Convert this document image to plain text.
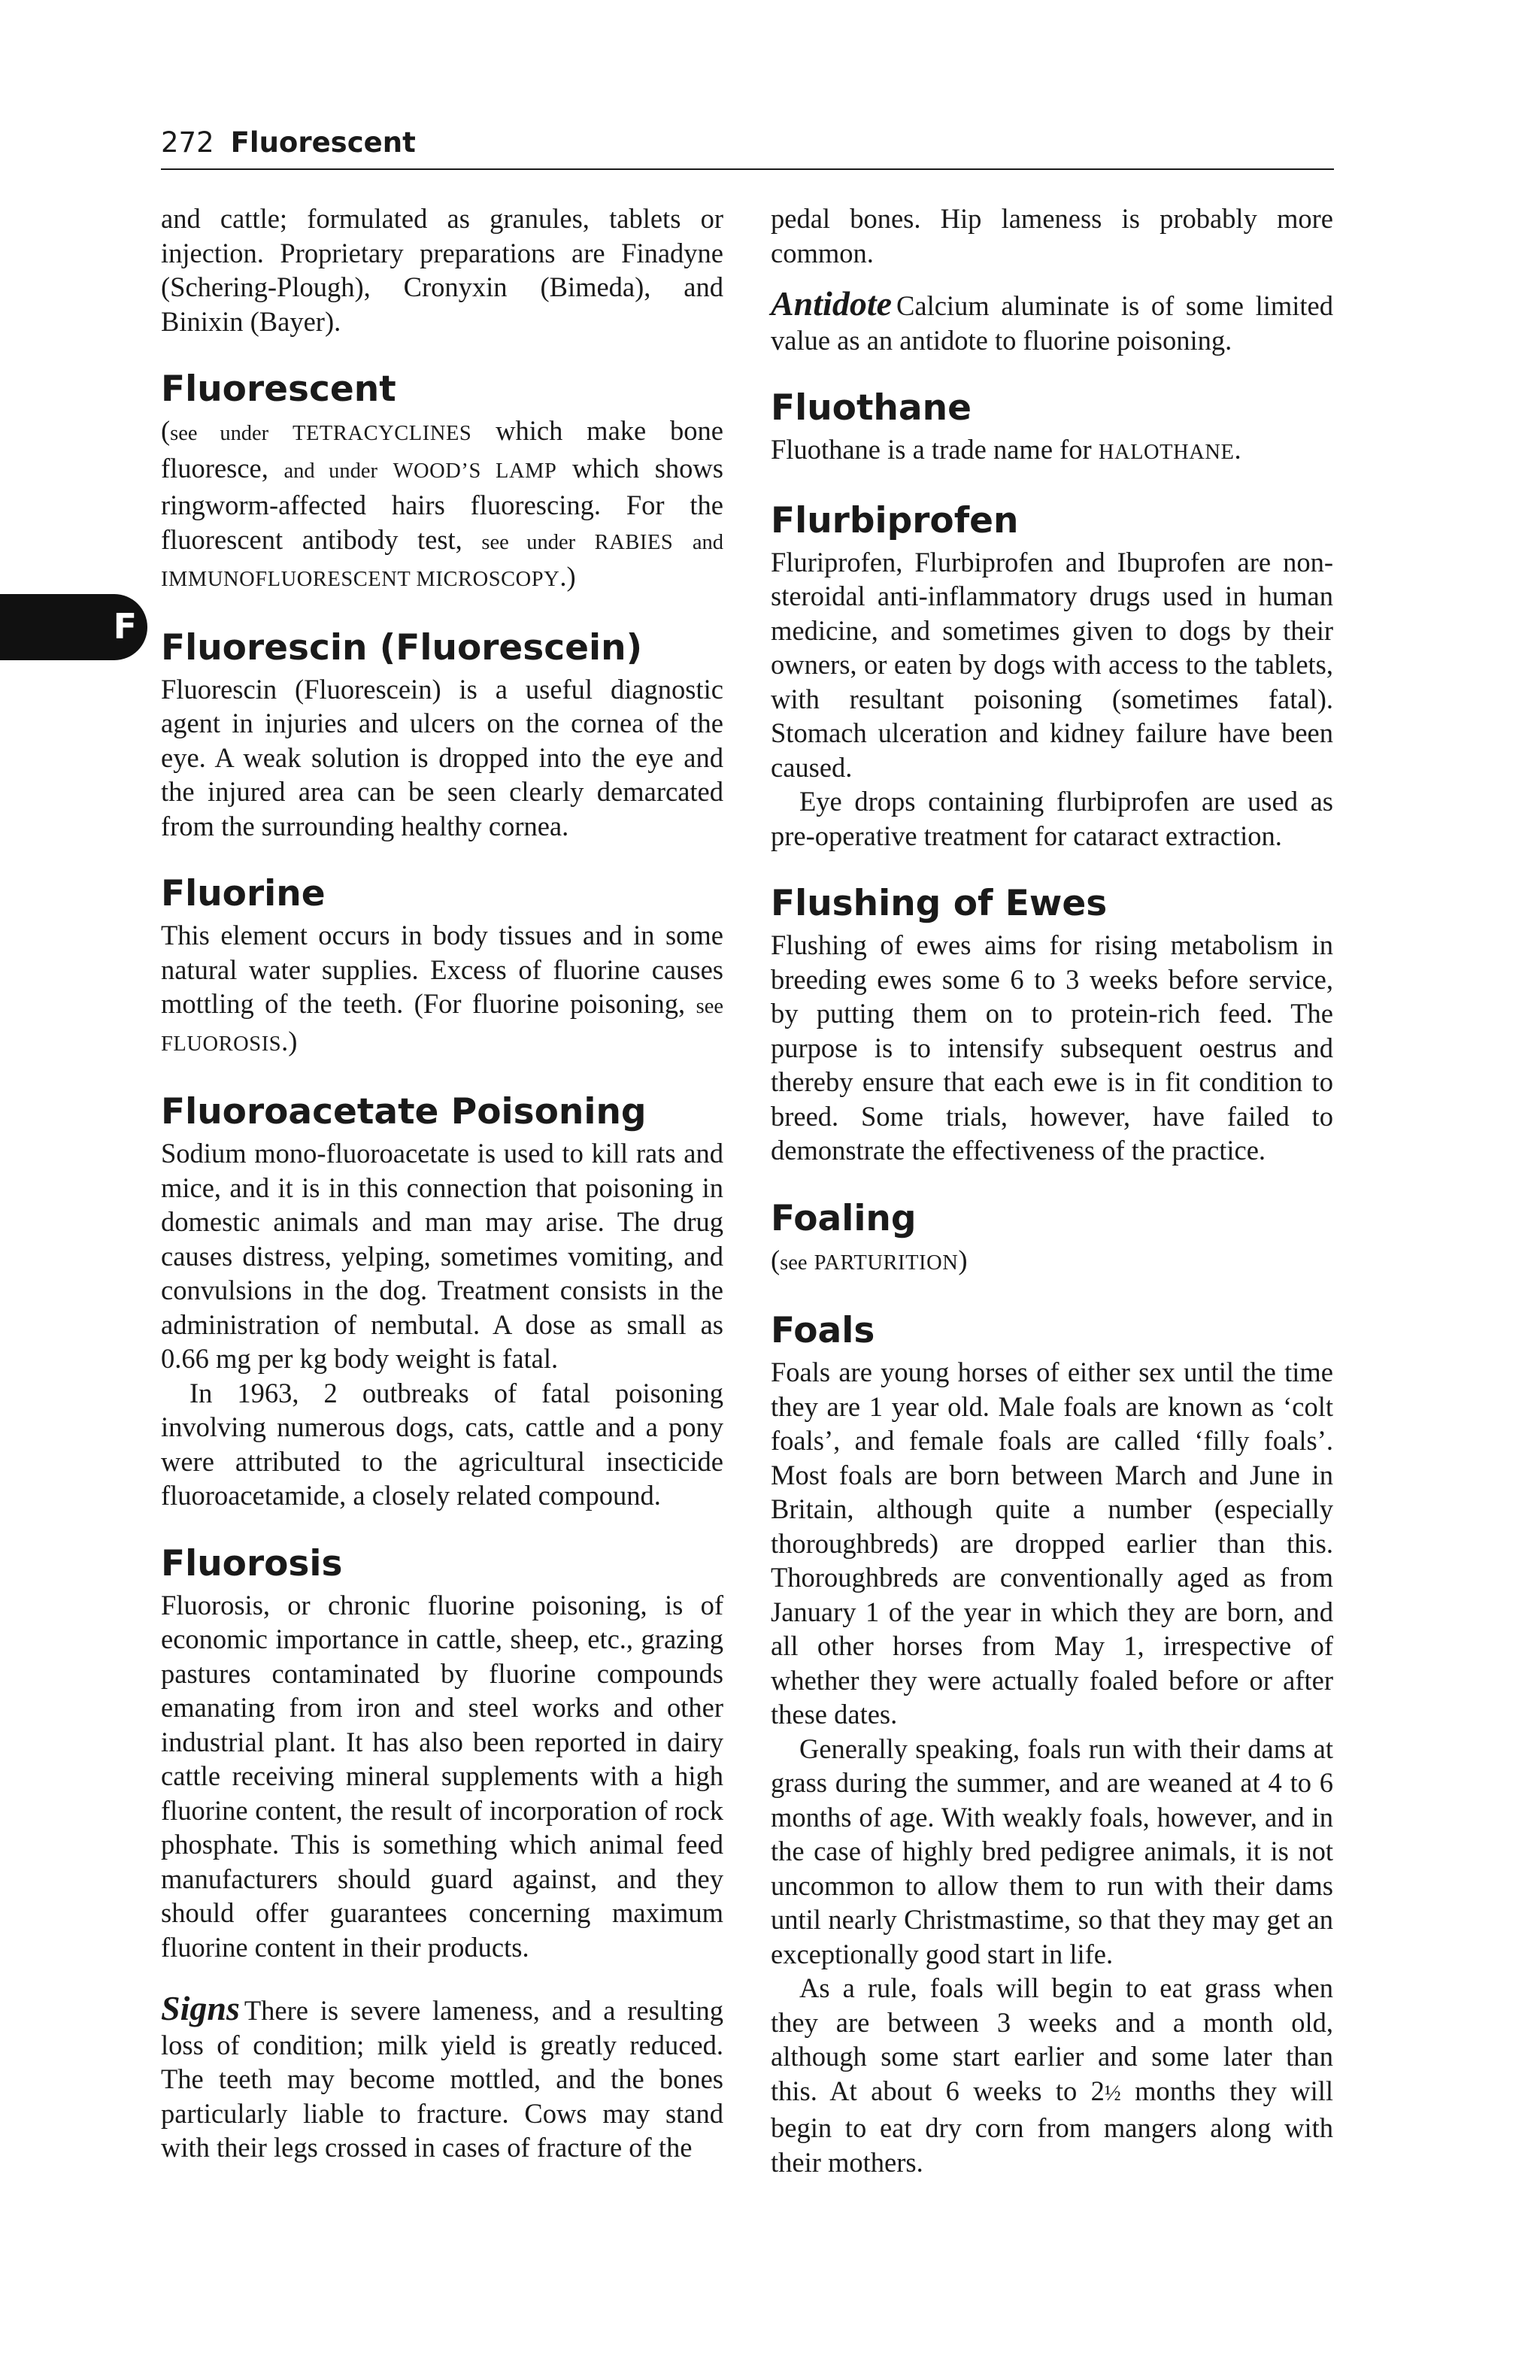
272 Fluorescent
F

and cattle; formulated as granules, tablets or injection. Proprietary preparations are Finadyne (Schering-Plough), Cronyxin (Bimeda), and Binixin (Bayer).

Fluorescent

(see under TETRACYCLINES which make bone fluoresce, and under WOOD’S LAMP which shows ringworm-affected hairs fluorescing. For the fluorescent antibody test, see under RABIES and IMMUNOFLUORESCENT MICROSCOPY.)

Fluorescin (Fluorescein)

Fluorescin (Fluorescein) is a useful diagnostic agent in injuries and ulcers on the cornea of the eye. A weak solution is dropped into the eye and the injured area can be seen clearly demarcated from the surrounding healthy cornea.

Fluorine

This element occurs in body tissues and in some natural water supplies. Excess of fluorine causes mottling of the teeth. (For fluorine poisoning, see FLUOROSIS.)

Fluoroacetate Poisoning

Sodium mono-fluoroacetate is used to kill rats and mice, and it is in this connection that poisoning in domestic animals and man may arise. The drug causes distress, yelping, sometimes vomiting, and convulsions in the dog. Treatment consists in the administration of nembutal. A dose as small as 0.66 mg per kg body weight is fatal.

In 1963, 2 outbreaks of fatal poisoning involving numerous dogs, cats, cattle and a pony were attributed to the agricultural insecticide fluoroacetamide, a closely related compound.

Fluorosis

Fluorosis, or chronic fluorine poisoning, is of economic importance in cattle, sheep, etc., grazing pastures contaminated by fluorine compounds emanating from iron and steel works and other industrial plant. It has also been reported in dairy cattle receiving mineral supplements with a high fluorine content, the result of incorporation of rock phosphate. This is something which animal feed manufacturers should guard against, and they should offer guarantees concerning maximum fluorine content in their products.

Signs There is severe lameness, and a resulting loss of condition; milk yield is greatly reduced. The teeth may become mottled, and the bones particularly liable to fracture. Cows may stand with their legs crossed in cases of fracture of the

pedal bones. Hip lameness is probably more common.

Antidote Calcium aluminate is of some limited value as an antidote to fluorine poisoning.

Fluothane

Fluothane is a trade name for HALOTHANE.

Flurbiprofen

Fluriprofen, Flurbiprofen and Ibuprofen are non-steroidal anti-inflammatory drugs used in human medicine, and sometimes given to dogs by their owners, or eaten by dogs with access to the tablets, with resultant poisoning (sometimes fatal). Stomach ulceration and kidney failure have been caused.

Eye drops containing flurbiprofen are used as pre-operative treatment for cataract extraction.

Flushing of Ewes

Flushing of ewes aims for rising metabolism in breeding ewes some 6 to 3 weeks before service, by putting them on to protein-rich feed. The purpose is to intensify subsequent oestrus and thereby ensure that each ewe is in fit condition to breed. Some trials, however, have failed to demonstrate the effectiveness of the practice.

Foaling

(see PARTURITION)

Foals

Foals are young horses of either sex until the time they are 1 year old. Male foals are known as ‘colt foals’, and female foals are called ‘filly foals’. Most foals are born between March and June in Britain, although quite a number (especially thoroughbreds) are dropped earlier than this. Thoroughbreds are conventionally aged as from January 1 of the year in which they are born, and all other horses from May 1, irrespective of whether they were actually foaled before or after these dates.

Generally speaking, foals run with their dams at grass during the summer, and are weaned at 4 to 6 months of age. With weakly foals, however, and in the case of highly bred pedigree animals, it is not uncommon to allow them to run with their dams until nearly Christmastime, so that they may get an exceptionally good start in life.

As a rule, foals will begin to eat grass when they are between 3 weeks and a month old, although some start earlier and some later than this. At about 6 weeks to 2½ months they will begin to eat dry corn from mangers along with their mothers.
